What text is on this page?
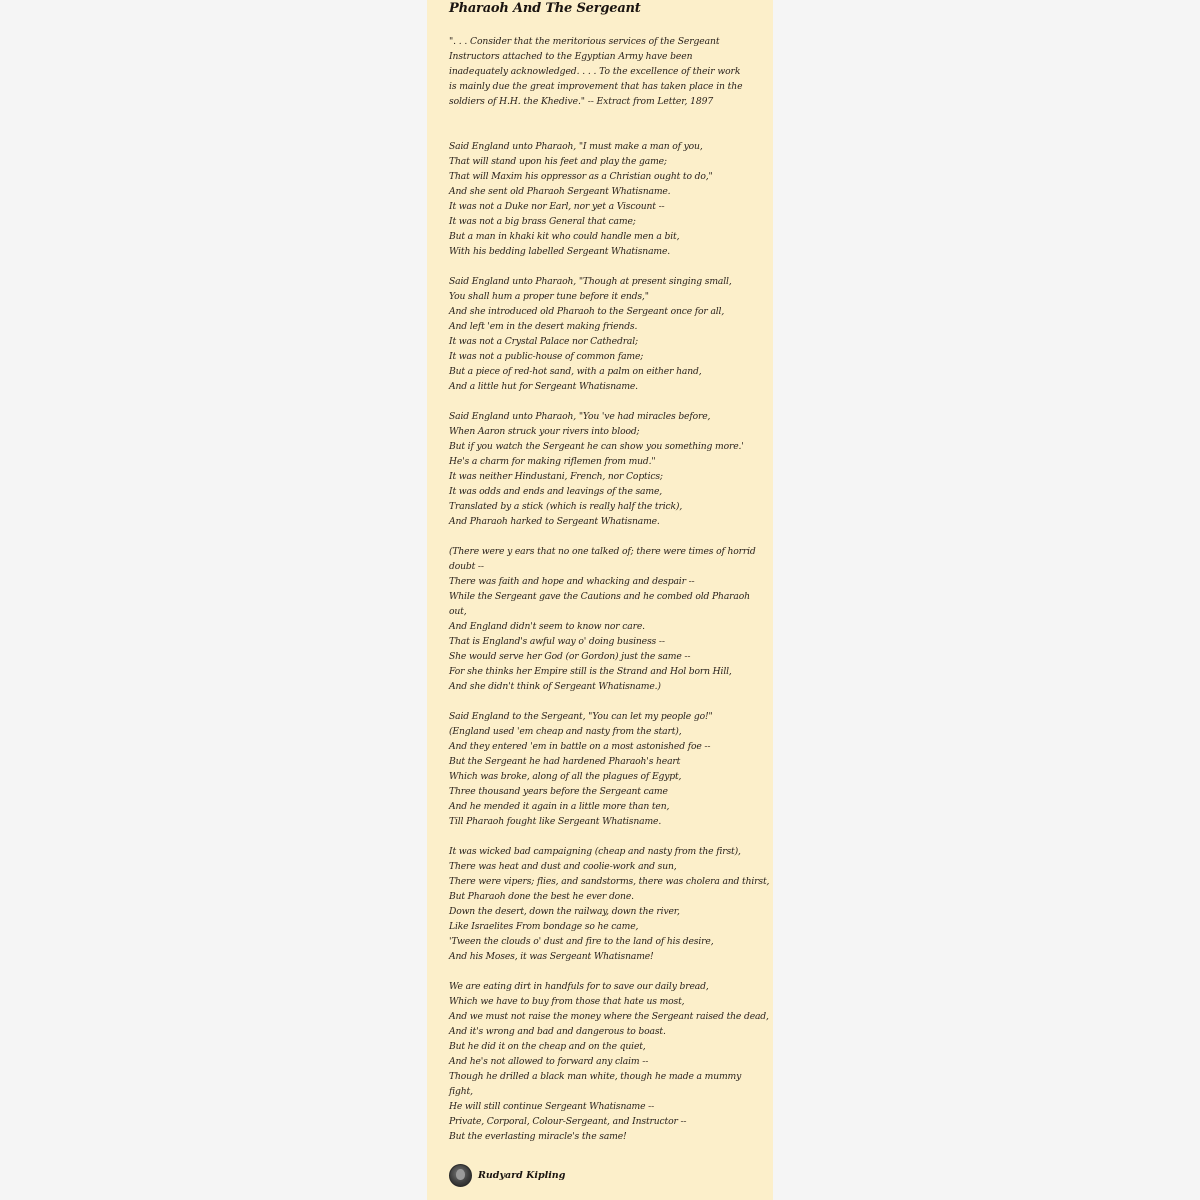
Pharaoh And The Sergeant

". . . Consider that the meritorious services of the Sergeant Instructors attached to the Egyptian Army have been inadequately acknowledged. . . . To the excellence of their work is mainly due the great improvement that has taken place in the soldiers of H.H. the Khedive." -- Extract from Letter, 1897

Said England unto Pharaoh, "I must make a man of you,
That will stand upon his feet and play the game;
That will Maxim his oppressor as a Christian ought to do,"
And she sent old Pharaoh Sergeant Whatisname.
It was not a Duke nor Earl, nor yet a Viscount --
It was not a big brass General that came;
But a man in khaki kit who could handle men a bit,
With his bedding labelled Sergeant Whatisname.
Said England unto Pharaoh, "Though at present singing small,
You shall hum a proper tune before it ends,"
And she introduced old Pharaoh to the Sergeant once for all,
And left 'em in the desert making friends.
It was not a Crystal Palace nor Cathedral;
It was not a public-house of common fame;
But a piece of red-hot sand, with a palm on either hand,
And a little hut for Sergeant Whatisname.
Said England unto Pharaoh, "You 've had miracles before,
When Aaron struck your rivers into blood;
But if you watch the Sergeant he can show you something more.'
He's a charm for making riflemen from mud."
It was neither Hindustani, French, nor Coptics;
It was odds and ends and leavings of the same,
Translated by a stick (which is really half the trick),
And Pharaoh harked to Sergeant Whatisname.
(There were y ears that no one talked of; there were times of horrid
doubt --
There was faith and hope and whacking and despair --
While the Sergeant gave the Cautions and he combed old Pharaoh
out,
And England didn't seem to know nor care.
That is England's awful way o' doing business --
She would serve her God (or Gordon) just the same --
For she thinks her Empire still is the Strand and Hol born Hill,
And she didn't think of Sergeant Whatisname.)
Said England to the Sergeant, "You can let my people go!"
(England used 'em cheap and nasty from the start),
And they entered 'em in battle on a most astonished foe --
But the Sergeant he had hardened Pharaoh's heart
Which was broke, along of all the plagues of Egypt,
Three thousand years before the Sergeant came
And he mended it again in a little more than ten,
Till Pharaoh fought like Sergeant Whatisname.
It was wicked bad campaigning (cheap and nasty from the first),
There was heat and dust and coolie-work and sun,
There were vipers; flies, and sandstorms, there was cholera and thirst,
But Pharaoh done the best he ever done.
Down the desert, down the railway, down the river,
Like Israelites From bondage so he came,
'Tween the clouds o' dust and fire to the land of his desire,
And his Moses, it was Sergeant Whatisname!
We are eating dirt in handfuls for to save our daily bread,
Which we have to buy from those that hate us most,
And we must not raise the money where the Sergeant raised the dead,
And it's wrong and bad and dangerous to boast.
But he did it on the cheap and on the quiet,
And he's not allowed to forward any claim --
Though he drilled a black man white, though he made a mummy
fight,
He will still continue Sergeant Whatisname --
Private, Corporal, Colour-Sergeant, and Instructor --
But the everlasting miracle's the same!
Rudyard Kipling
